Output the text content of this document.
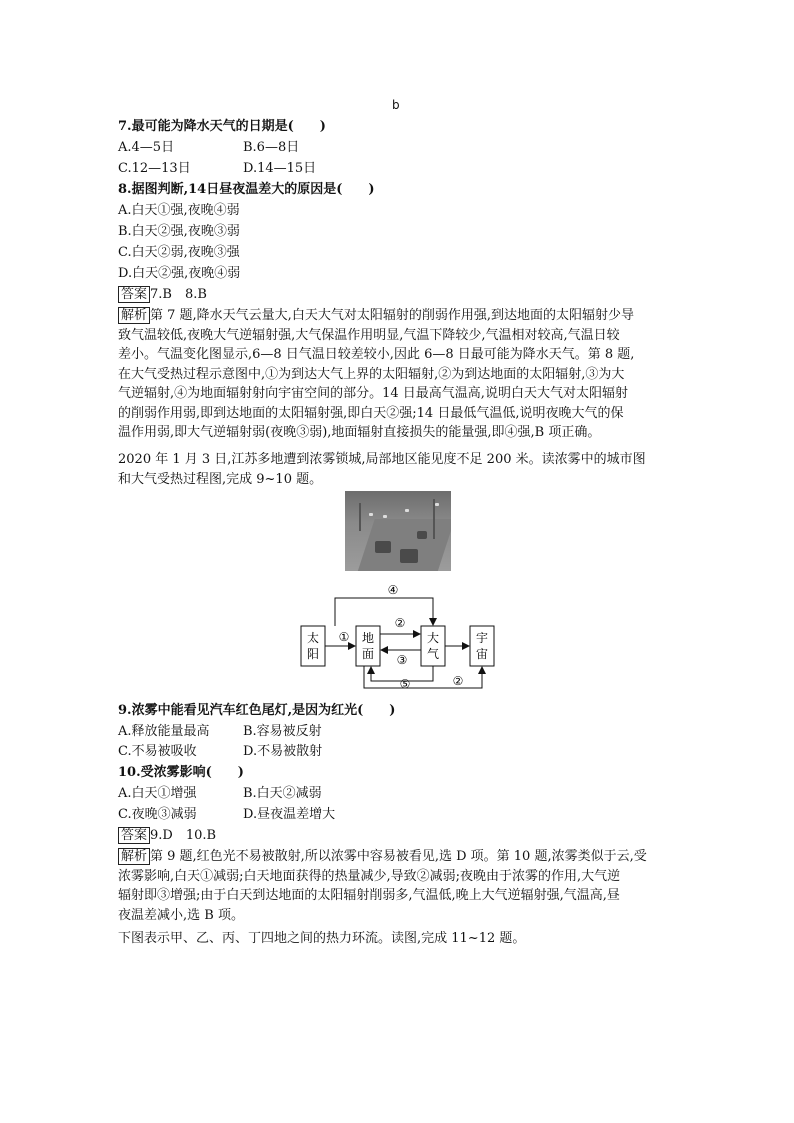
b
7.最可能为降水天气的日期是(　　)
A.4—5日	B.6—8日
C.12—13日	D.14—15日
8.据图判断,14日昼夜温差大的原因是(　　)
A.白天①强,夜晚④弱
B.白天②强,夜晚③弱
C.白天②弱,夜晚③强
D.白天②强,夜晚④弱
答案 7.B　8.B
解析 第 7 题,降水天气云量大,白天大气对太阳辐射的削弱作用强,到达地面的太阳辐射少导
致气温较低,夜晚大气逆辐射强,大气保温作用明显,气温下降较少,气温相对较高,气温日较
差小。气温变化图显示,6—8 日气温日较差较小,因此 6—8 日最可能为降水天气。第 8 题,
在大气受热过程示意图中,①为到达大气上界的太阳辐射,②为到达地面的太阳辐射,③为大
气逆辐射,④为地面辐射射向宇宙空间的部分。14 日最高气温高,说明白天大气对太阳辐射
的削弱作用弱,即到达地面的太阳辐射强,即白天②强;14 日最低气温低,说明夜晚大气的保
温作用弱,即大气逆辐射弱(夜晚③弱),地面辐射直接损失的能量强,即④强,B 项正确。
2020 年 1 月 3 日,江苏多地遭到浓雾锁城,局部地区能见度不足 200 米。读浓雾中的城市图
和大气受热过程图,完成 9~10 题。
太
阳
地
面
大
气
宇
宙
①
②
③
④
⑤	②
9.浓雾中能看见汽车红色尾灯,是因为红光(　　)
A.释放能量最高	B.容易被反射
C.不易被吸收	D.不易被散射
10.受浓雾影响(　　)
A.白天①增强	B.白天②减弱
C.夜晚③减弱	D.昼夜温差增大
答案 9.D　10.B
解析 第 9 题,红色光不易被散射,所以浓雾中容易被看见,选 D 项。第 10 题,浓雾类似于云,受
浓雾影响,白天①减弱;白天地面获得的热量减少,导致②减弱;夜晚由于浓雾的作用,大气逆
辐射即③增强;由于白天到达地面的太阳辐射削弱多,气温低,晚上大气逆辐射强,气温高,昼
夜温差减小,选 B 项。
下图表示甲、乙、丙、丁四地之间的热力环流。读图,完成 11~12 题。
